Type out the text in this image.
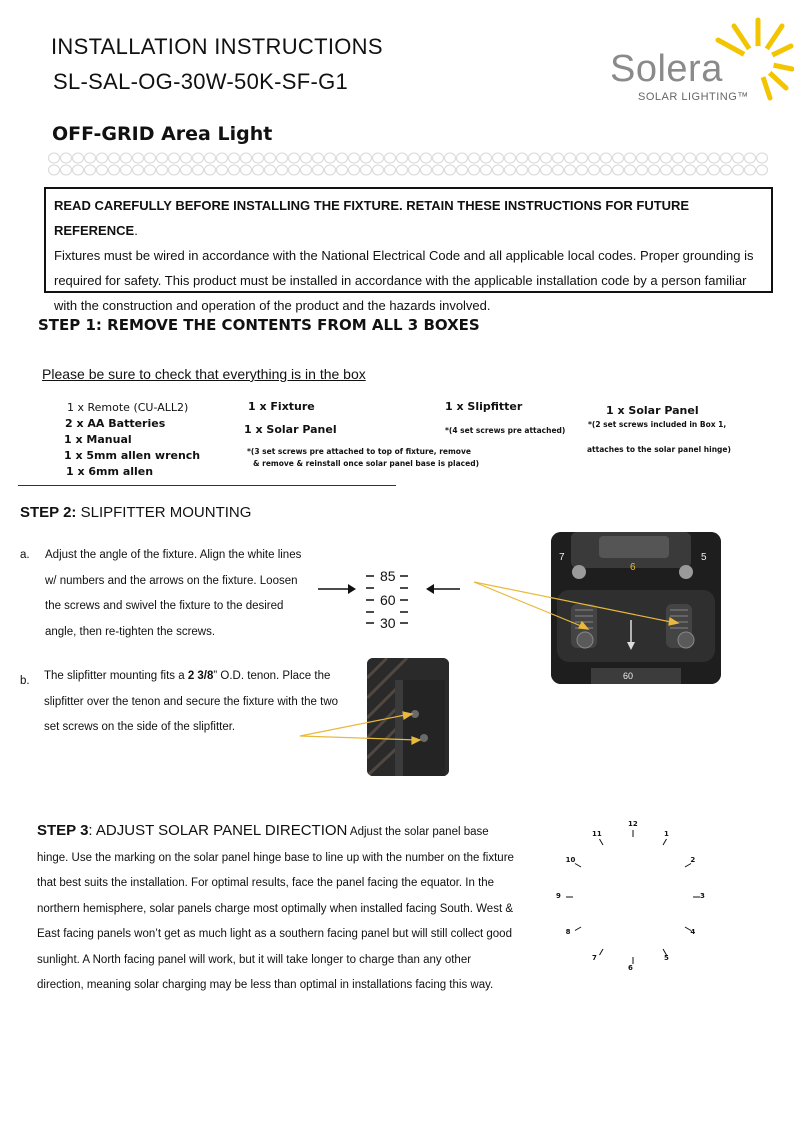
INSTALLATION INSTRUCTIONS
SL-SAL-OG-30W-50K-SF-G1
OFF-GRID Area Light
Solera
SOLAR LIGHTING™
READ CAREFULLY BEFORE INSTALLING THE FIXTURE. RETAIN THESE INSTRUCTIONS FOR FUTURE REFERENCE.
Fixtures must be wired in accordance with the National Electrical Code and all applicable local codes. Proper grounding is required for safety. This product must be installed in accordance with the applicable installation code by a person familiar with the construction and operation of the product and the hazards involved.
STEP 1: REMOVE THE CONTENTS FROM ALL 3 BOXES
Please be sure to check that everything is in the box
1 x Remote (CU-ALL2)
2 x AA Batteries
1 x Manual
1 x 5mm allen wrench
1 x 6mm allen
1 x Fixture
1 x Solar Panel
*(3 set screws pre attached to top of fixture, remove
& remove & reinstall once solar panel base is placed)
1 x Slipfitter
*(4 set screws pre attached)
1 x Solar Panel
*(2 set screws included in Box 1,
attaches to the solar panel hinge)
STEP 2: SLIPFITTER MOUNTING
a. Adjust the angle of the fixture. Align the white lines
w/ numbers and the arrows on the fixture. Loosen
the screws and swivel the fixture to the desired
angle, then re-tighten the screws.
85
60
30
7
6
5
60
b. The slipfitter mounting fits a 2 3/8” O.D. tenon. Place the
slipfitter over the tenon and secure the fixture with the two
set screws on the side of the slipfitter.
STEP 3: ADJUST SOLAR PANEL DIRECTION Adjust the solar panel base hinge. Use the marking on the solar panel hinge base to line up with the number on the fixture that best suits the installation. For optimal results, face the panel facing the equator. In the northern hemisphere, solar panels charge most optimally when installed facing South. West & East facing panels won’t get as much light as a southern facing panel but will still collect good sunlight. A North facing panel will work, but it will take longer to charge than any other direction, meaning solar charging may be less than optimal in installations facing this way.
12
1
2
3
4
5
6
7
8
9
10
11
